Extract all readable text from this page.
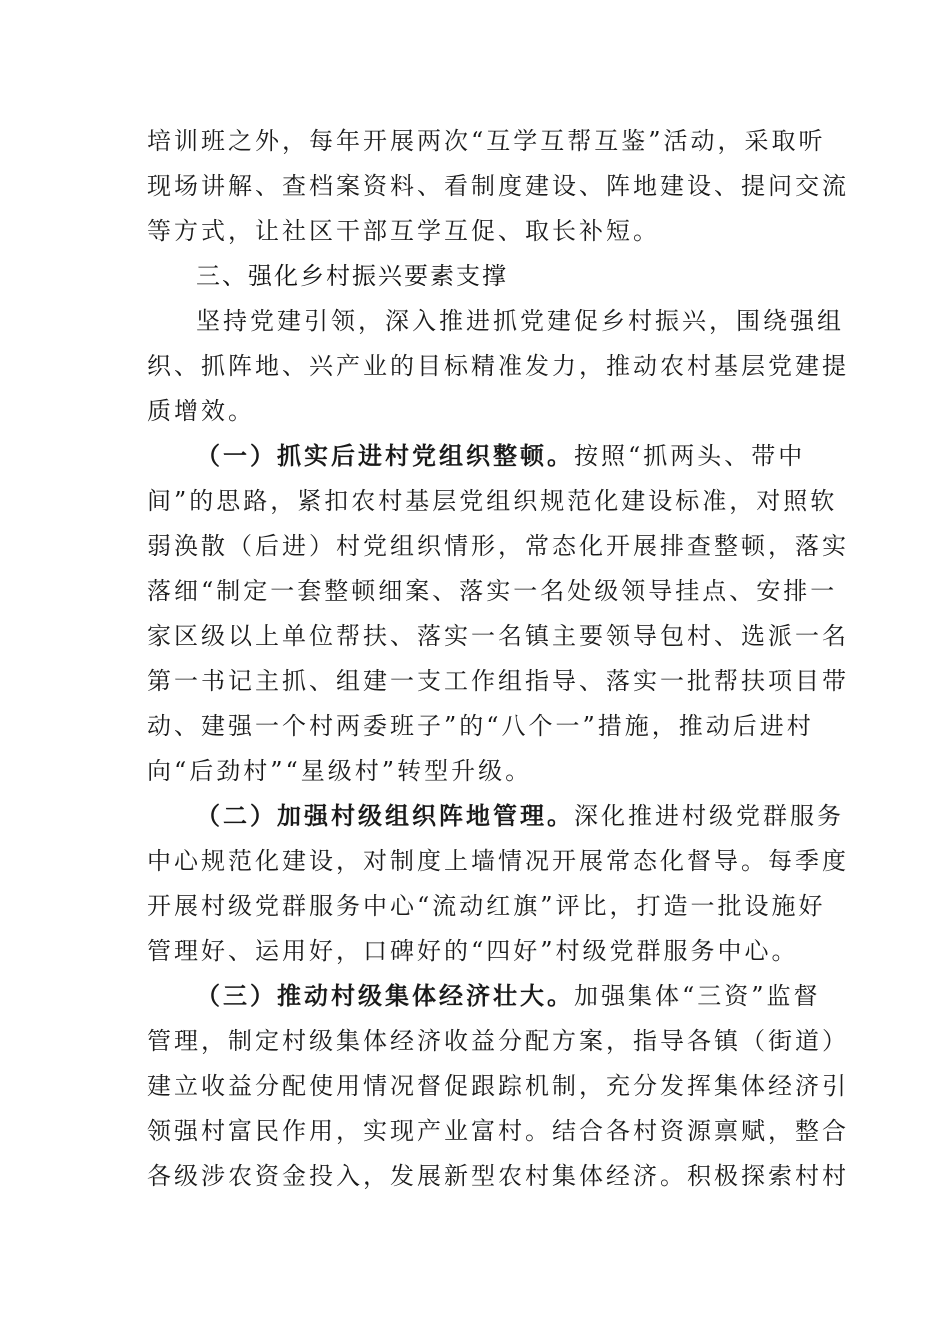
培训班之外，每年开展两次“互学互帮互鉴”活动，采取听
现场讲解、查档案资料、看制度建设、阵地建设、提问交流
等方式，让社区干部互学互促、取长补短。
三、强化乡村振兴要素支撑
坚持党建引领，深入推进抓党建促乡村振兴，围绕强组
织、抓阵地、兴产业的目标精准发力，推动农村基层党建提
质增效。
（一）抓实后进村党组织整顿。按照“抓两头、带中
间”的思路，紧扣农村基层党组织规范化建设标准，对照软
弱涣散（后进）村党组织情形，常态化开展排查整顿，落实
落细“制定一套整顿细案、落实一名处级领导挂点、安排一
家区级以上单位帮扶、落实一名镇主要领导包村、选派一名
第一书记主抓、组建一支工作组指导、落实一批帮扶项目带
动、建强一个村两委班子”的“八个一”措施，推动后进村
向“后劲村”“星级村”转型升级。
（二）加强村级组织阵地管理。深化推进村级党群服务
中心规范化建设，对制度上墙情况开展常态化督导。每季度
开展村级党群服务中心“流动红旗”评比，打造一批设施好
管理好、运用好，口碑好的“四好”村级党群服务中心。
（三）推动村级集体经济壮大。加强集体“三资”监督
管理，制定村级集体经济收益分配方案，指导各镇（街道）
建立收益分配使用情况督促跟踪机制，充分发挥集体经济引
领强村富民作用，实现产业富村。结合各村资源禀赋，整合
各级涉农资金投入，发展新型农村集体经济。积极探索村村
